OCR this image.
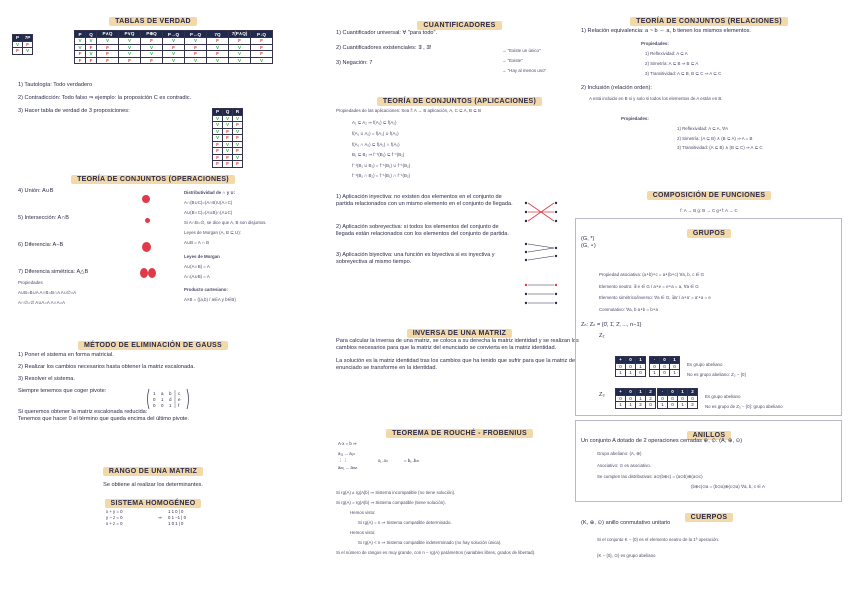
TABLAS DE VERDAD
P	7P
V	F
F	V
P	Q	P∧Q	P∨Q	P⊕Q	P→Q	P↔Q	7Q	7(P∧Q)	P↓Q
V	V	V	V	F	V	V	F	F	F
V	F	F	V	V	F	F	V	V	F
F	V	F	V	V	V	F	F	V	F
F	F	F	F	F	V	V	V	V	V

1) Tautología: Todo verdadero

2) Contradicción: Todo falso ⇒ ejemplo: la proposición C es contradic.

3) Hacer tabla de verdad de 3 proposiciones:	P	Q	R
V	V	V
V	V	F
V	F	V
V	F	F
F	V	V
F	V	F
F	F	V
F	F	F
TEORÍA DE CONJUNTOS (OPERACIONES)

4) Unión: A∪B

5) Intersección: A∩B

6) Diferencia: A−B

7) Diferencia simétrica: A△B

Propiedades

A∪B=B∪A A∩B=B∩A A∪∅=A

A∩∅=∅ A∪A=A A∩A=A

Distributividad de ∩ y ∪:

A∩(B∪C)=(A∩B)∪(A∩C)

A∪(B∩C)=(A∪B)∩(A∪C)

Si A∩B=∅, se dice que A, B son disjuntos.

Leyes de Morgan (A, B ⊆ U):

A∪B = A ∩ B

Leyes de Morgan

A∪(A∩B) = A

A∩(A∪B) = A

Producto cartesiano:

A×B = {(a,b) / a∈A y b∈B}

MÉTODO DE ELIMINACIÓN DE GAUSS

1) Poner el sistema en forma matricial.

2) Realizar los cambios necesarios hasta obtener la matriz escalonada.

3) Resolver el sistema.

Siempre tenemos que coger pivote:

Si queremos obtener la matriz escalonada reducida:

Tenemos que hacer 0 el término que queda encima del último pivote.

1 a b c
0 1 d e
0 0 1 f
RANGO DE UNA MATRIZ

Se obtiene al realizar los determinantes.

SISTEMA HOMOGÉNEO
x + y = 0
y − z = 0
x + z = 0
⇒
1 1 0 | 0
0 1 −1 | 0
1 0 1 | 0
CUANTIFICADORES

1) Cuantificador universal: ∀ "para todo".

2) Cuantificadores existenciales: ∃ , ∃!

3) Negación: 7

→ "Existe un único"

→ "Existe"

→ "Hay al menos uno"

TEORÍA DE CONJUNTOS (APLICACIONES)

Propiedades de las aplicaciones: Sea f: A → B aplicación, A, C ⊆ A, B ⊆ B

A₁ ⊆ A₂ ⇒ f(A₁) ⊆ f(A₂)

f(A₁ ∪ A₂) = f(A₁) ∪ f(A₂)

f(A₁ ∩ A₂) ⊆ f(A₁) ∩ f(A₂)

B₁ ⊆ B₂ ⇒ f⁻¹(B₁) ⊆ f⁻¹(B₂)

f⁻¹(B₁ ∪ B₂) = f⁻¹(B₁) ∪ f⁻¹(B₂)

f⁻¹(B₁ ∩ B₂) = f⁻¹(B₁) ∩ f⁻¹(B₂)

1) Aplicación inyectiva: no existen dos elementos en el conjunto de partida relacionados con un mismo elemento en el conjunto de llegada.

2) Aplicación sobreyectiva: si todos los elementos del conjunto de llegada están relacionados con los elementos del conjunto de partida.

3) Aplicación biyectiva: una función es biyectiva si es inyectiva y sobreyectiva al mismo tiempo.

INVERSA DE UNA MATRIZ

Para calcular la inversa de una matriz, se coloca a su derecha la matriz identidad y se realizan los cambios necesarios para que la matriz del enunciado se convierta en la matriz identidad.

La solución es la matriz identidad tras los cambios que ha tenido que sufrir para que la matriz del enunciado se transforme en la identidad.

TEOREMA DE ROUCHÉ - FROBENIUS
A·x = b ⇒
a₁₁ ... a₁ₙ
⋮ ⋮
aₘ₁ ... aₘₙ
x₁..xₙ	= b₁..bₘ

Si rg(A) ≠ rg(A|b) ⇒ Sistema incompatible (no tiene solución).

Si rg(A) = rg(A|b) ⇒ Sistema compatible (tiene solución).

Hemos visto:

Si rg(A) = n ⇒ Sistema compatible determinado.

Hemos visto:

Si rg(A) < n ⇒ Sistema compatible indeterminado (no hay solución única).

Si el número de rangos es muy grande, con n − rg(A) parámetros (variables libres, grados de libertad).

TEORÍA DE CONJUNTOS (RELACIONES)

1) Relación equivalencia: a ~ b ⇔ a, b tienen los mismos elementos.

Propiedades:

1) Reflexividad: A ⊆ A

2) Simetría: A ⊆ B ⇒ B ⊆ A

3) Transitividad: A ⊆ B, B ⊆ C ⇒ A ⊆ C

2) Inclusión (relación orden):

A está incluido en B si y solo si todos los elementos de A están en B.

Propiedades:

1) Reflexividad: A ⊆ A, ∀A

2) Simetría: (A ⊆ B) ∧ (B ⊆ A) ⇒ A = B

3) Transitividad: (A ⊆ B) ∧ (B ⊆ C) ⇒ A ⊆ C

COMPOSICIÓN DE FUNCIONES

f: A → B g: B → C g∘f: A → C

GRUPOS

(G, *)

(G, ∘)

Propiedad asociativa: (a∘b)∘c = a∘(b∘c) ∀a, b, c ∈ G

Elemento neutro: ∃ e ∈ G / a∘e = e∘a = a, ∀a ∈ G

Elemento simétrico/inverso: ∀a ∈ G, ∃a' / a∘a' = a'∘a = e

Conmutativo: ∀a, b a∘b = b∘a

Zₙ: Zₙ = {0̄, 1̄, 2̄, ..., n−1}

Z₂

+	0	1
0	0	1
1	1	0
·	0	1
0	0	0
1	0	1

Es grupo abeliano

No es grupo abeliano: Z₂ − {0}

Z₃

+	0	1	2
0	0	1	2
1	1	2	0
·	0	1	2
0	0	0	0
1	0	1	2

Es grupo abeliano

No es grupo de Z₃ − {0}: grupo abeliano

ANILLOS

Un conjunto A dotado de 2 operaciones cerradas ⊕, ⊙. (A, ⊕, ⊙)

Grupo abeliano: (A, ⊕)

Asociativo: ⊙ es asociativo.

Se cumplen las distributivas: a⊙(b⊕c) = (a⊙b)⊕(a⊙c)

(b⊕c)⊙a = (b⊙a)⊕(c⊙a) ∀a, b, c ∈ A

CUERPOS

(K, ⊕, ⊙) anillo conmutativo unitario

Si el conjunto K − {0} es el elemento neutro de la 1ª operación.

(K − {0}, ⊙) es grupo abeliano
